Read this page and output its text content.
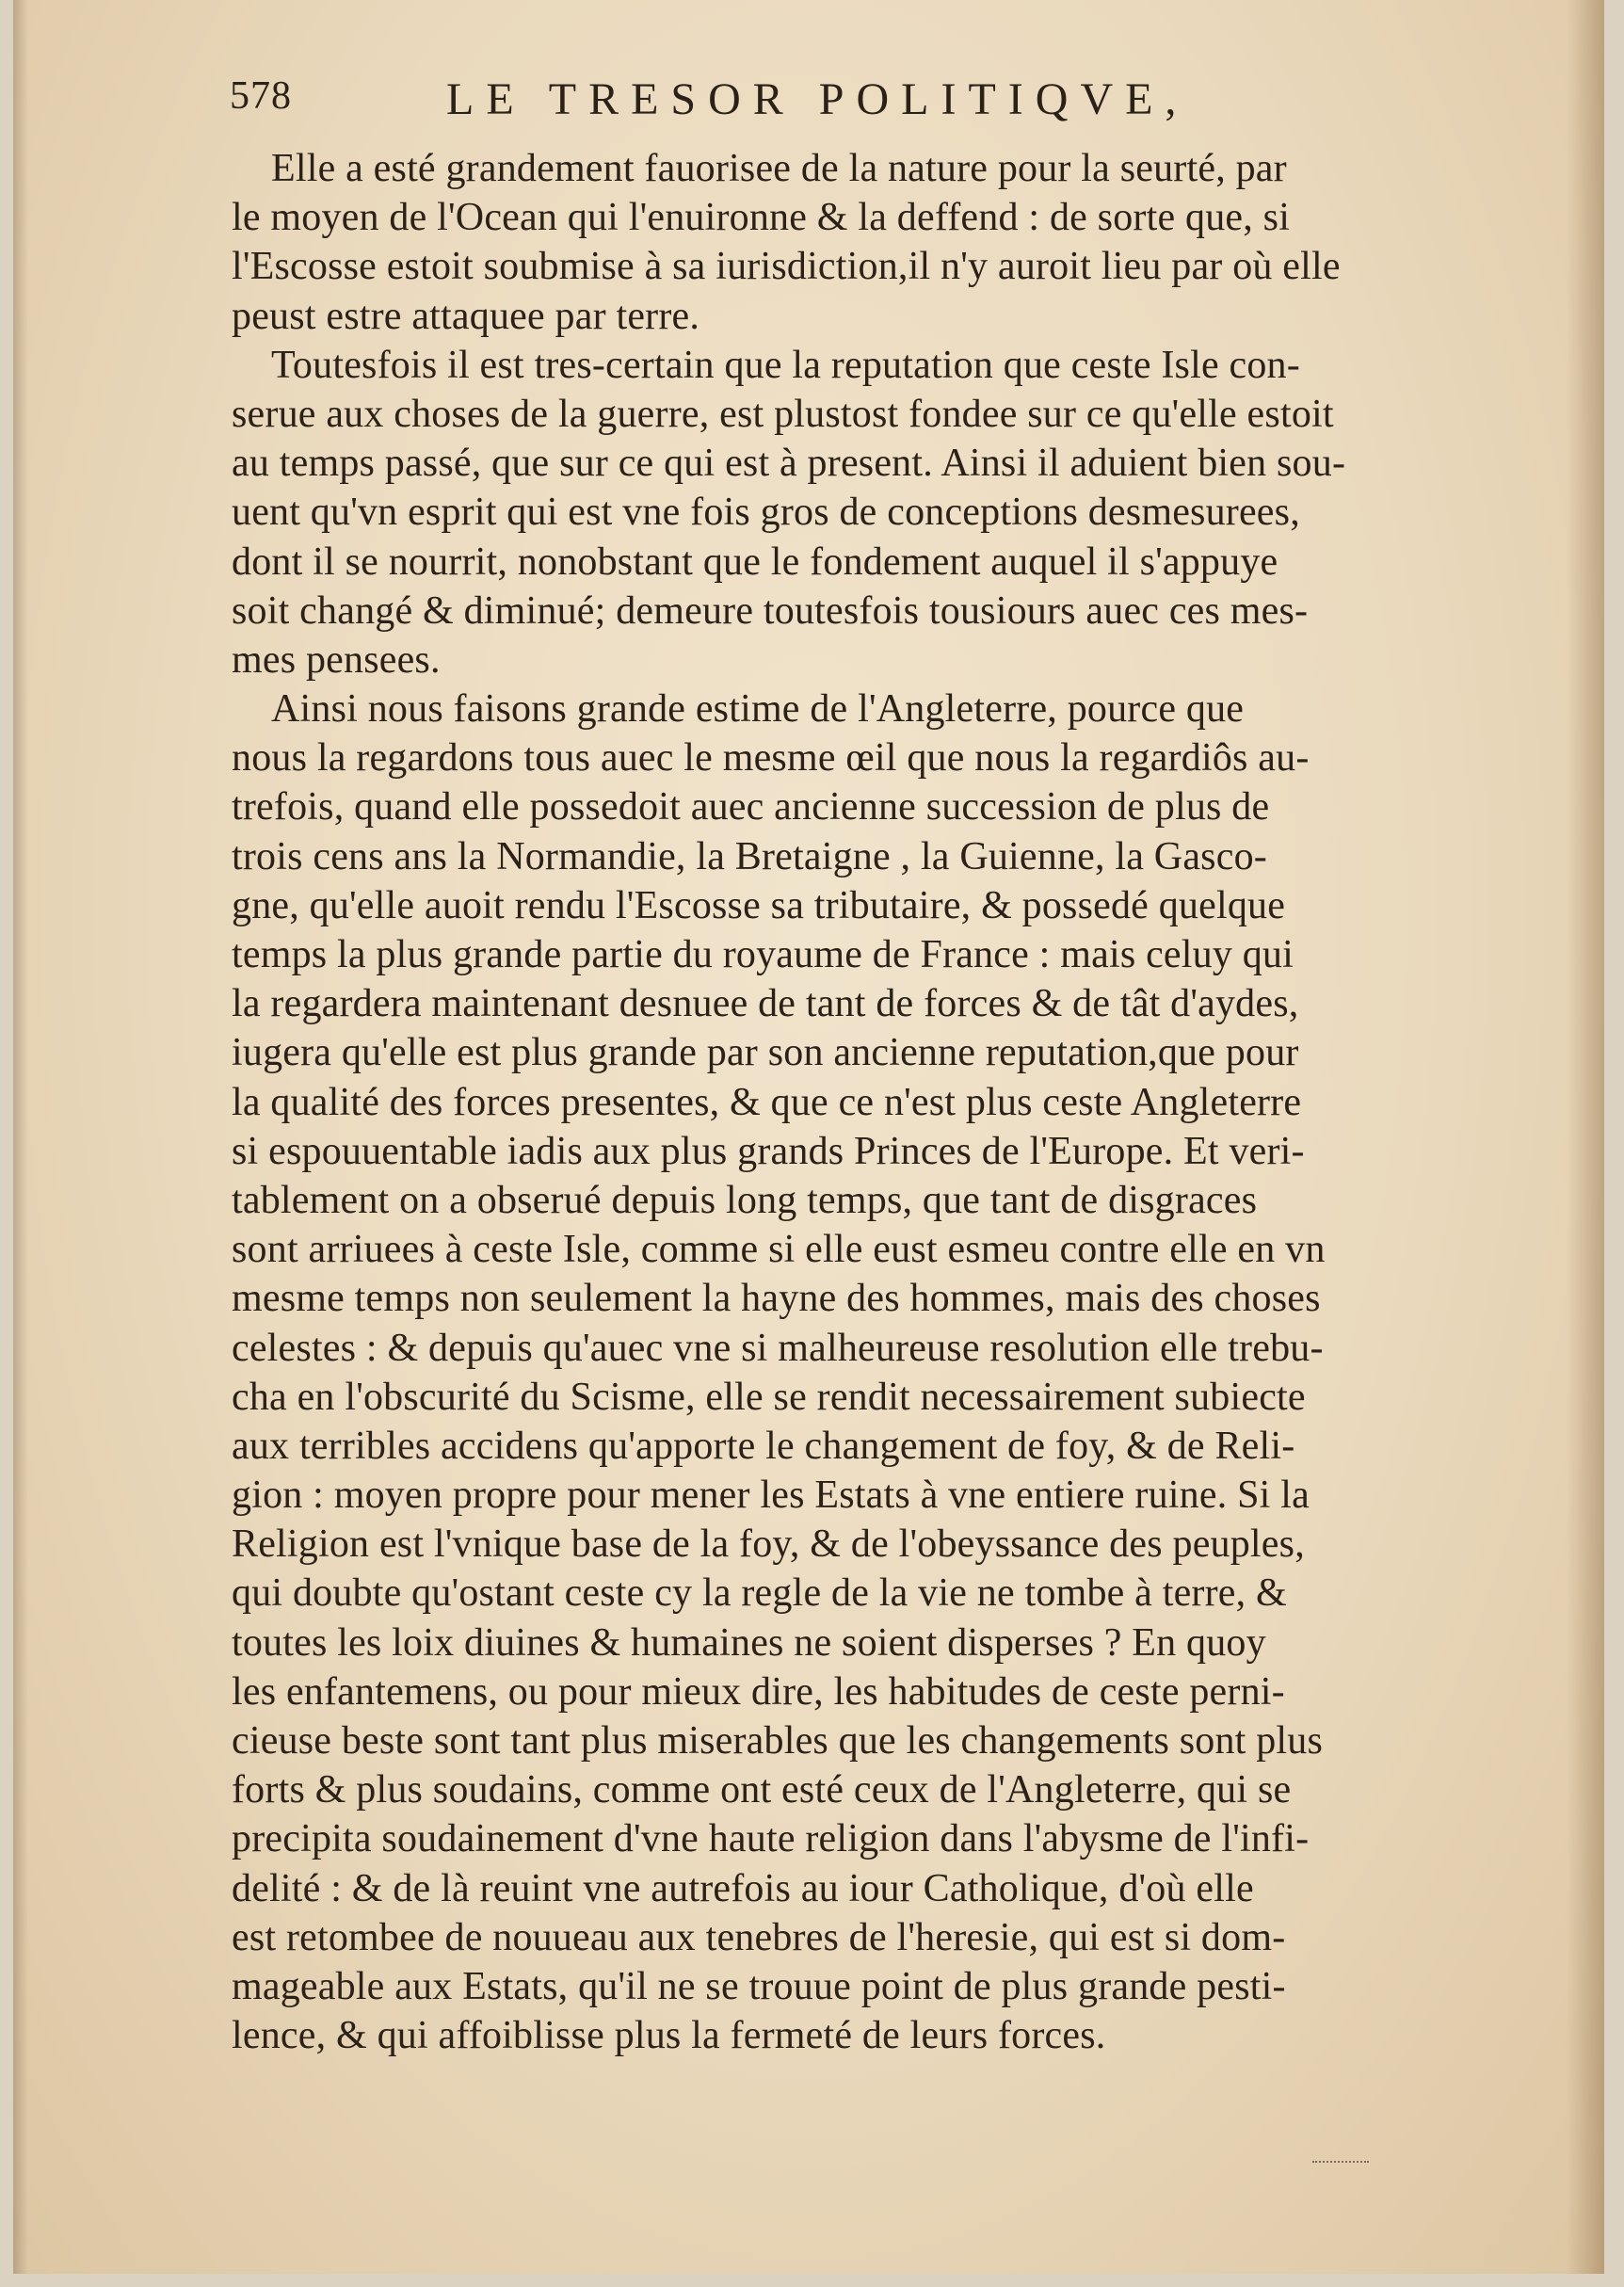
578	LE TRESOR POLITIQVE,
Elle a esté grandement fauorisee de la nature pour la seurté, par
le moyen de l'Ocean qui l'enuironne & la deffend : de sorte que, si
l'Escosse estoit soubmise à sa iurisdiction,il n'y auroit lieu par où elle
peust estre attaquee par terre.
Toutesfois il est tres-certain que la reputation que ceste Isle con-
serue aux choses de la guerre, est plustost fondee sur ce qu'elle estoit
au temps passé, que sur ce qui est à present. Ainsi il aduient bien sou-
uent qu'vn esprit qui est vne fois gros de conceptions desmesurees,
dont il se nourrit, nonobstant que le fondement auquel il s'appuye
soit changé & diminué; demeure toutesfois tousiours auec ces mes-
mes pensees.
Ainsi nous faisons grande estime de l'Angleterre, pource que
nous la regardons tous auec le mesme œil que nous la regardiôs au-
trefois, quand elle possedoit auec ancienne succession de plus de
trois cens ans la Normandie, la Bretaigne , la Guienne, la Gasco-
gne, qu'elle auoit rendu l'Escosse sa tributaire, & possedé quelque
temps la plus grande partie du royaume de France : mais celuy qui
la regardera maintenant desnuee de tant de forces & de tât d'aydes,
iugera qu'elle est plus grande par son ancienne reputation,que pour
la qualité des forces presentes, & que ce n'est plus ceste Angleterre
si espouuentable iadis aux plus grands Princes de l'Europe. Et veri-
tablement on a obserué depuis long temps, que tant de disgraces
sont arriuees à ceste Isle, comme si elle eust esmeu contre elle en vn
mesme temps non seulement la hayne des hommes, mais des choses
celestes : & depuis qu'auec vne si malheureuse resolution elle trebu-
cha en l'obscurité du Scisme, elle se rendit necessairement subiecte
aux terribles accidens qu'apporte le changement de foy, & de Reli-
gion : moyen propre pour mener les Estats à vne entiere ruine. Si la
Religion est l'vnique base de la foy, & de l'obeyssance des peuples,
qui doubte qu'ostant ceste cy la regle de la vie ne tombe à terre, &
toutes les loix diuines & humaines ne soient disperses ? En quoy
les enfantemens, ou pour mieux dire, les habitudes de ceste perni-
cieuse beste sont tant plus miserables que les changements sont plus
forts & plus soudains, comme ont esté ceux de l'Angleterre, qui se
precipita soudainement d'vne haute religion dans l'abysme de l'infi-
delité : & de là reuint vne autrefois au iour Catholique, d'où elle
est retombee de nouueau aux tenebres de l'heresie, qui est si dom-
mageable aux Estats, qu'il ne se trouue point de plus grande pesti-
lence, & qui affoiblisse plus la fermeté de leurs forces.
